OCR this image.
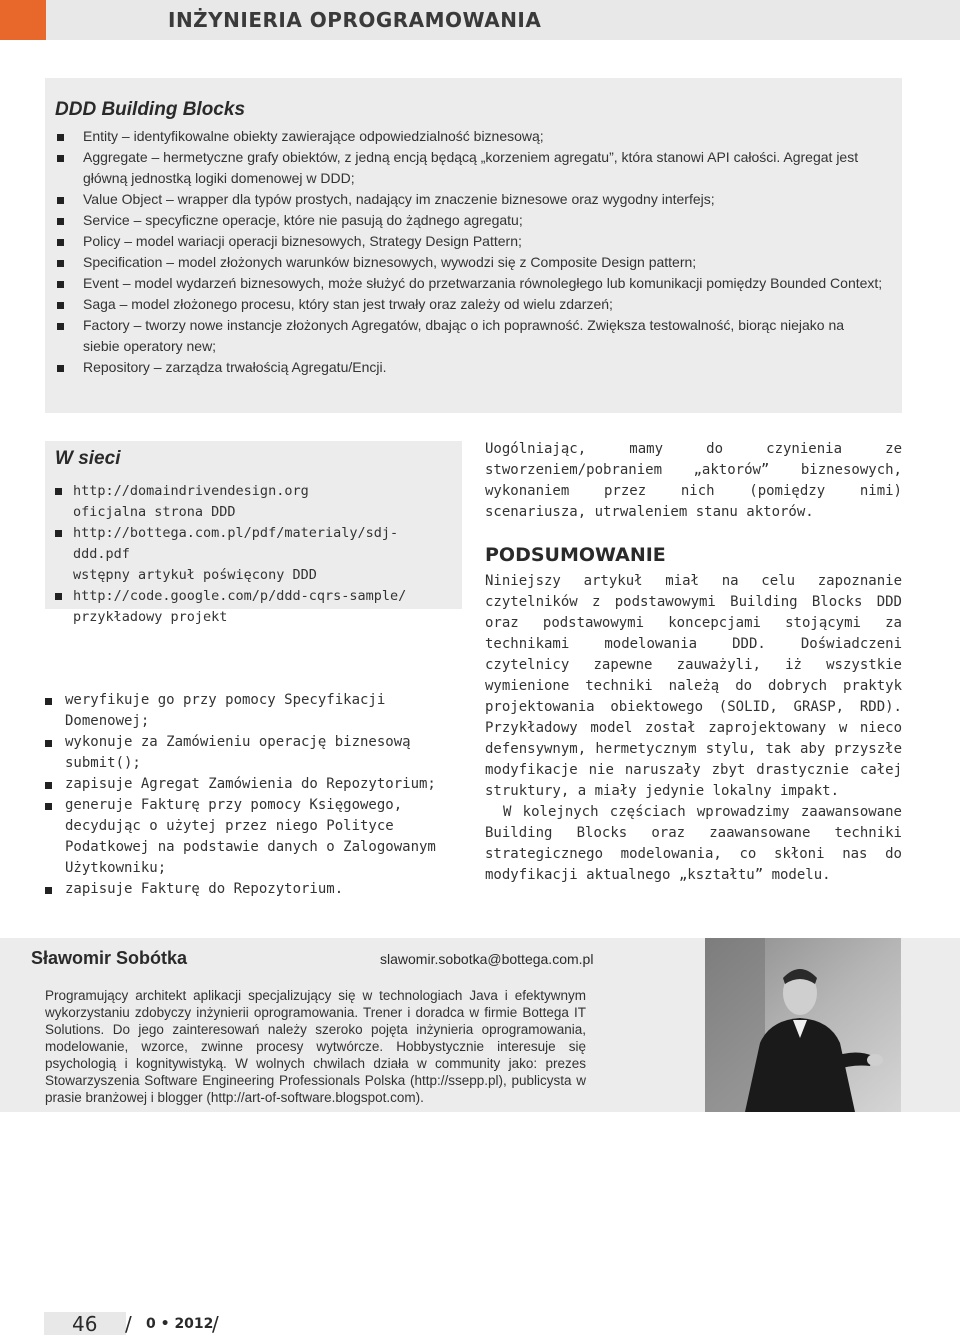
INŻYNIERIA OPROGRAMOWANIA
DDD Building Blocks
Entity – identyfikowalne obiekty zawierające odpowiedzialność biznesową;
Aggregate – hermetyczne grafy obiektów, z jedną encją będącą „korzeniem agregatu”, która stanowi API całości. Agregat jest główną jednostką logiki domenowej w DDD;
Value Object – wrapper dla typów prostych, nadający im znaczenie biznesowe oraz wygodny interfejs;
Service – specyficzne operacje, które nie pasują do żądnego agregatu;
Policy – model wariacji operacji biznesowych, Strategy Design Pattern;
Specification – model złożonych warunków biznesowych, wywodzi się z Composite Design pattern;
Event – model wydarzeń biznesowych, może służyć do przetwarzania równoległego lub komunikacji pomiędzy Bounded Context;
Saga – model złożonego procesu, który stan jest trwały oraz zależy od wielu zdarzeń;
Factory – tworzy nowe instancje złożonych Agregatów, dbając o ich poprawność. Zwiększa testowalność, biorąc niejako na siebie operatory new;
Repository – zarządza trwałością Agregatu/Encji.
W sieci
http://domaindrivendesign.org
oficjalna strona DDD
http://bottega.com.pl/pdf/materialy/sdj-ddd.pdf
wstępny artykuł poświęcony DDD
http://code.google.com/p/ddd-cqrs-sample/
przykładowy projekt
weryfikuje go przy pomocy Specyfikacji Domenowej;
wykonuje za Zamówieniu operację biznesową submit();
zapisuje Agregat Zamówienia do Repozytorium;
generuje Fakturę przy pomocy Księgowego, decydując o użytej przez niego Polityce Podatkowej na podstawie danych o Zalogowanym Użytkowniku;
zapisuje Fakturę do Repozytorium.

Uogólniając, mamy do czynienia ze stworzeniem/pobraniem „aktorów” biznesowych, wykonaniem przez nich (pomiędzy nimi) scenariusza, utrwaleniem stanu aktorów.

PODSUMOWANIE

Niniejszy artykuł miał na celu zapoznanie czytelników z podstawowymi Building Blocks DDD oraz podstawowymi koncepcjami stojącymi za technikami modelowania DDD. Doświadczeni czytelnicy zapewne zauważyli, iż wszystkie wymienione techniki należą do dobrych praktyk projektowania obiektowego (SOLID, GRASP, RDD). Przykładowy model został zaprojektowany w nieco defensywnym, hermetycznym stylu, tak aby przyszłe modyfikacje nie naruszały zbyt drastycznie całej struktury, a miały jedynie lokalny impakt.

W kolejnych częściach wprowadzimy zaawansowane Building Blocks oraz zaawansowane techniki strategicznego modelowania, co skłoni nas do modyfikacji aktualnego „kształtu” modelu.

Sławomir Sobótka	slawomir.sobotka@bottega.com.pl

Programujący architekt aplikacji specjalizujący się w technologiach Java i efektywnym wykorzystaniu zdobyczy inżynierii oprogramowania. Trener i doradca w firmie Bottega IT Solutions. Do jego zainteresowań należy szeroko pojęta inżynieria oprogramowania, modelowanie, wzorce, zwinne procesy wytwórcze. Hobbystycznie interesuje się psychologią i kognitywistyką. W wolnych chwilach działa w community jako: prezes Stowarzyszenia Software Engineering Professionals Polska (http://ssepp.pl), publicysta w prasie branżowej i blogger (http://art-of-software.blogspot.com).

46 / 0 • 2012
/
